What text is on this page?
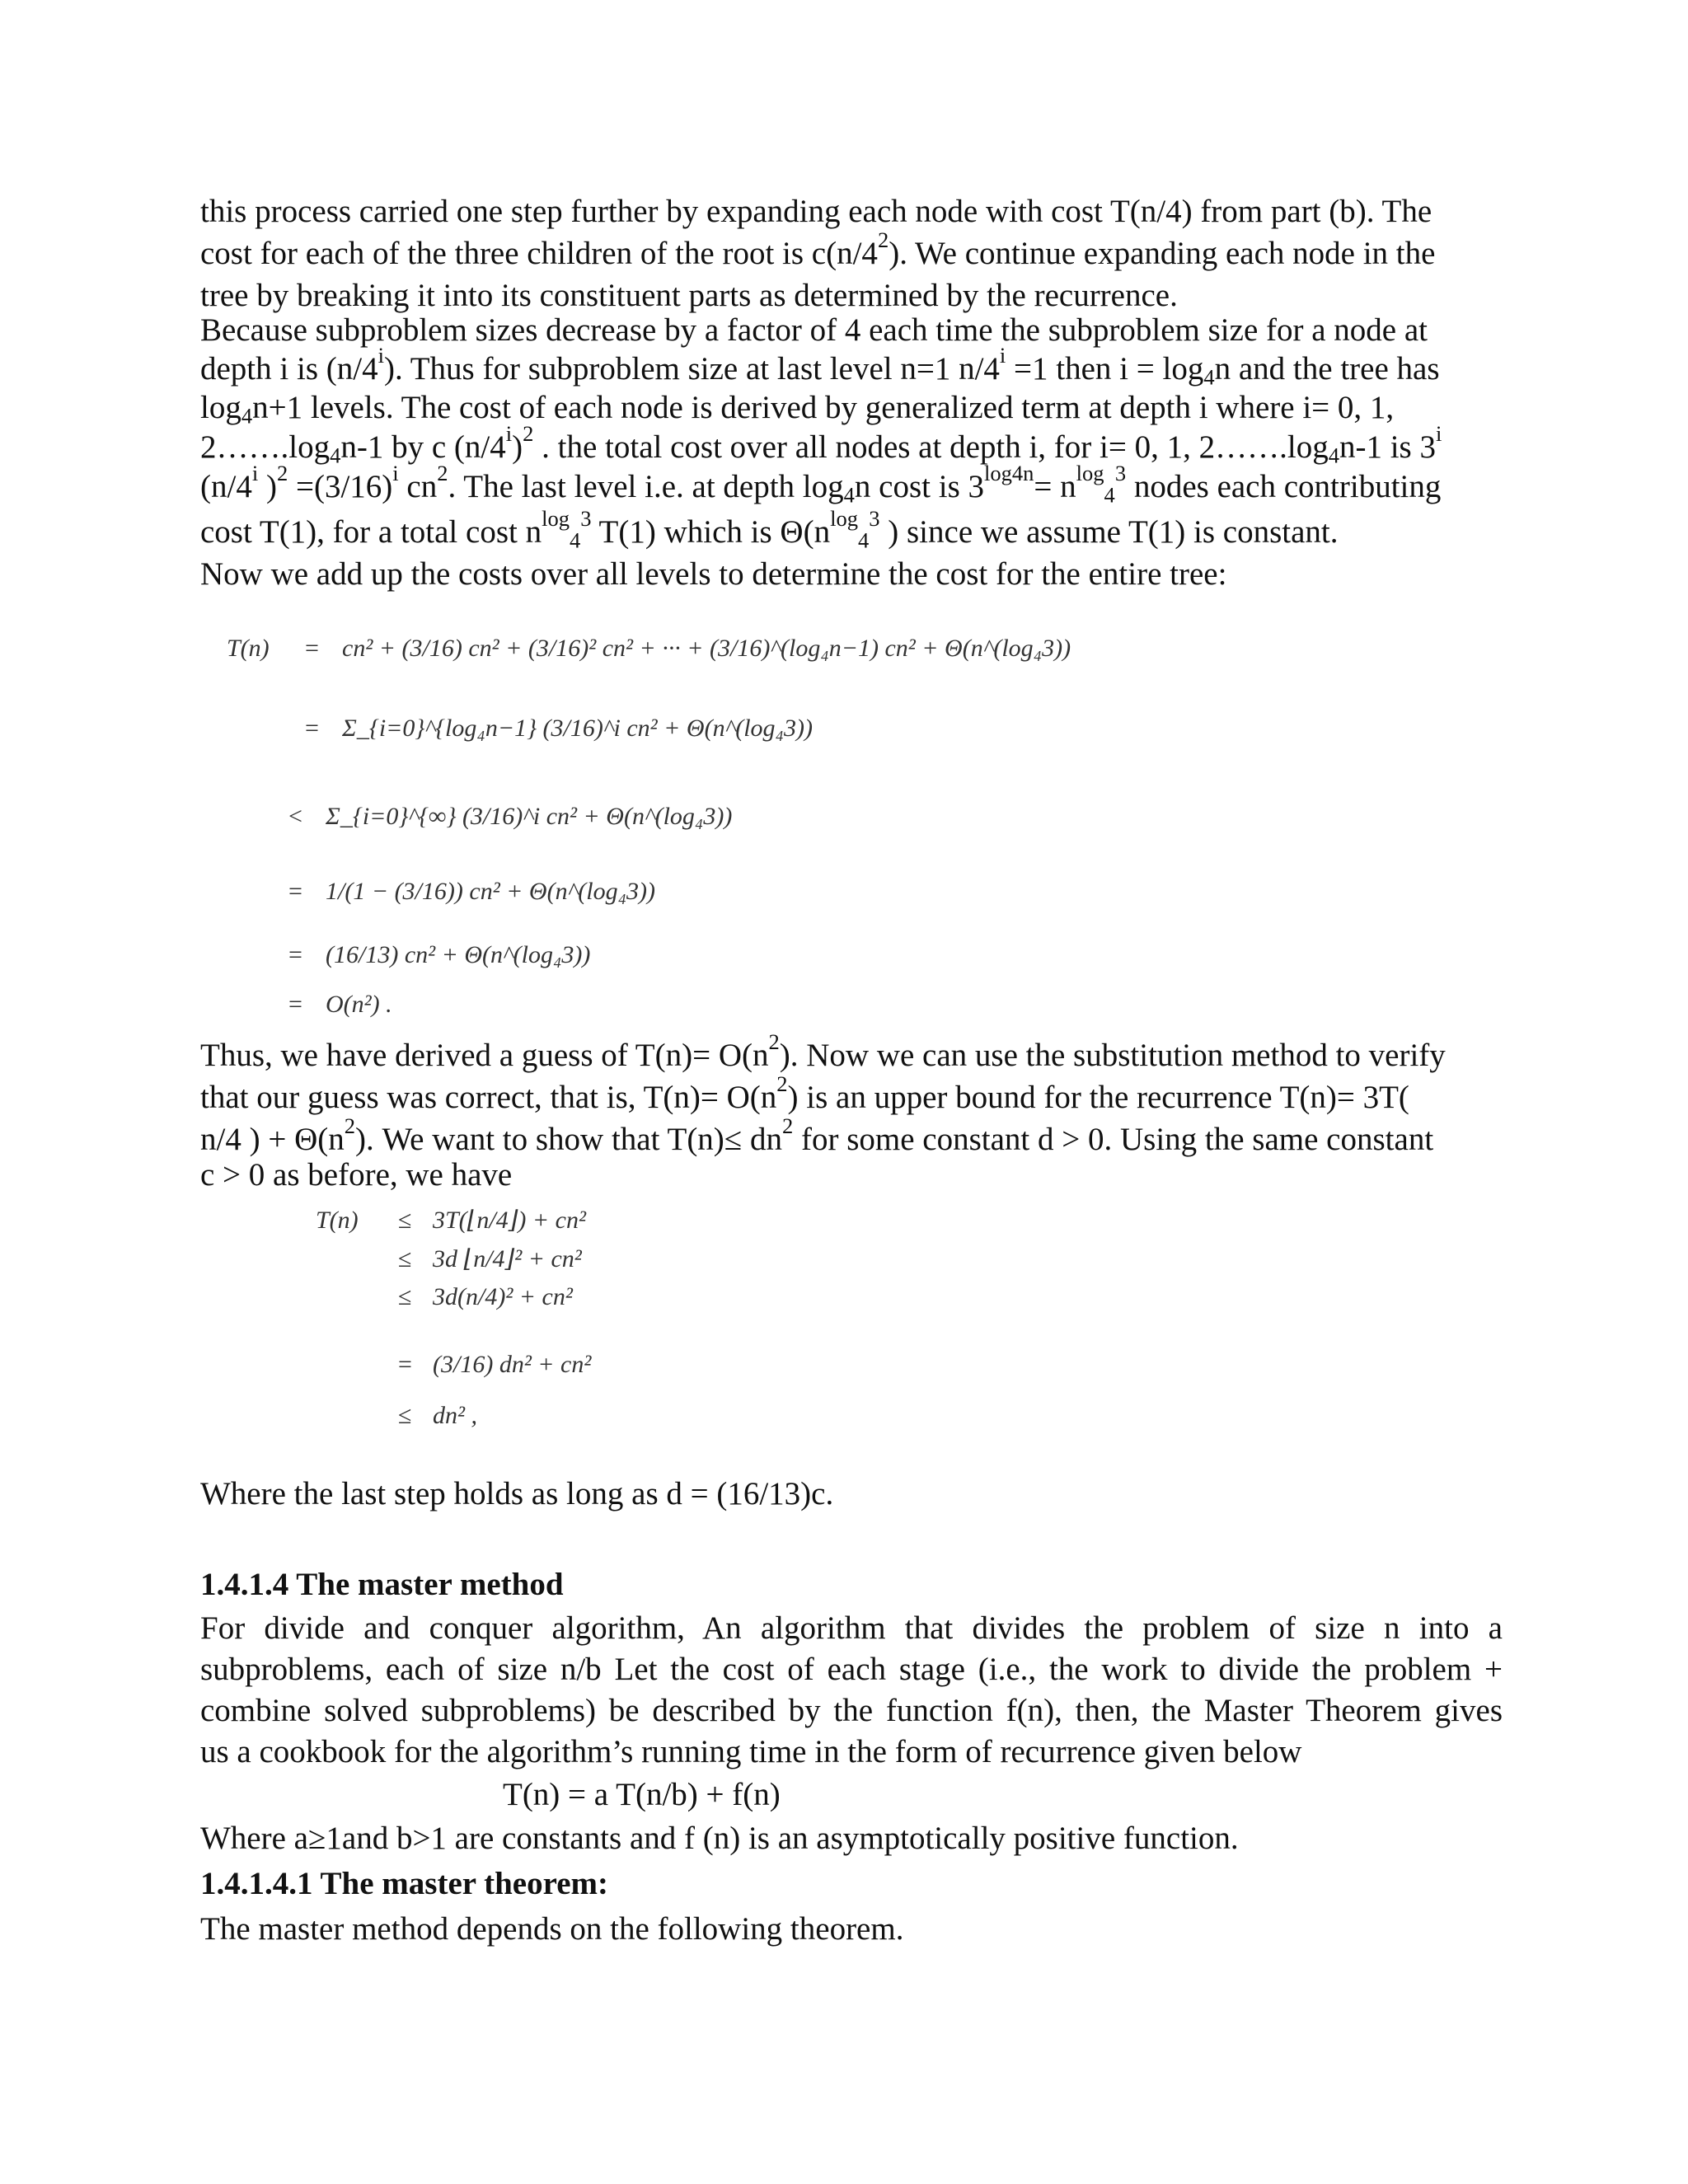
this process carried one step further by expanding each node with cost T(n/4) from part (b). The
cost for each of the three children of the root is $c(n/4^2)$. We continue expanding each node in the
tree by breaking it into its constituent parts as determined by the recurrence.
Because subproblem sizes decrease by a factor of 4 each time the subproblem size for a node at
depth i is (n/4$^i$). Thus for subproblem size at last level n=1 $n/4^i =1$ then $i = \log_4n$ and the tree has
$\log_4n+1$ levels. The cost of each node is derived by generalized term at depth i where i= 0, 1,
$2\dots\dots.\log_4n-1$ by c $(n/4^i)^2$ . the total cost over all nodes at depth i, for i= 0, 1, $2\dots\dots.\log_4n-1$ is 3$^i$
(n/4$^i$ )$^2 =(3/16)^i$ $cn^2$. The last level i.e. at depth $\log_4n$ cost is $3^{log4n}= n^{log}_4^3$ nodes each contributing
cost T(1), for a total cost $n^{log}_4^3$ T(1) which is $\Theta(n^{log}_4^3$ ) since we assume T(1) is constant.
Now we add up the costs over all levels to determine the cost for the entire tree:
T(n) =
=
<
=
=
=
cn² + (3/16) cn² + (3/16)² cn² + ··· + (3/16)^(log₄n−1) cn² + Θ(n^(log₄3))
Σ_{i=0}^{log₄n−1} (3/16)^i cn² + Θ(n^(log₄3))
Σ_{i=0}^{∞} (3/16)^i cn² + Θ(n^(log₄3))
1/(1 − (3/16)) cn² + Θ(n^(log₄3))
(16/13) cn² + Θ(n^(log₄3))
O(n²) .
Thus, we have derived a guess of $T(n)= O(n^2)$. Now we can use the substitution method to verify
that our guess was correct, that is, $T(n)= O(n^2)$ is an upper bound for the recurrence T(n)= 3T(
n/4 ) + $\Theta(n^2)$. We want to show that $T(n)\le dn^2$ for some constant d > 0. Using the same constant
c > 0 as before, we have
T(n) ≤
≤
≤
=
≤
3T(⌊n/4⌋) + cn²
3d ⌊n/4⌋² + cn²
3d(n/4)² + cn²
(3/16) dn² + cn²
dn² ,
Where the last step holds as long as d = (16/13)c.
1.4.1.4 The master method
For divide and conquer algorithm, An algorithm that divides the problem of size n into a
subproblems, each of size n/b Let the cost of each stage (i.e., the work to divide the problem +
combine solved subproblems) be described by the function f(n), then, the Master Theorem gives
us a cookbook for the algorithm’s running time in the form of recurrence given below
T(n) = a T(n/b) + f(n)
Where a≥1and b>1 are constants and f (n) is an asymptotically positive function.
1.4.1.4.1 The master theorem:
The master method depends on the following theorem.
